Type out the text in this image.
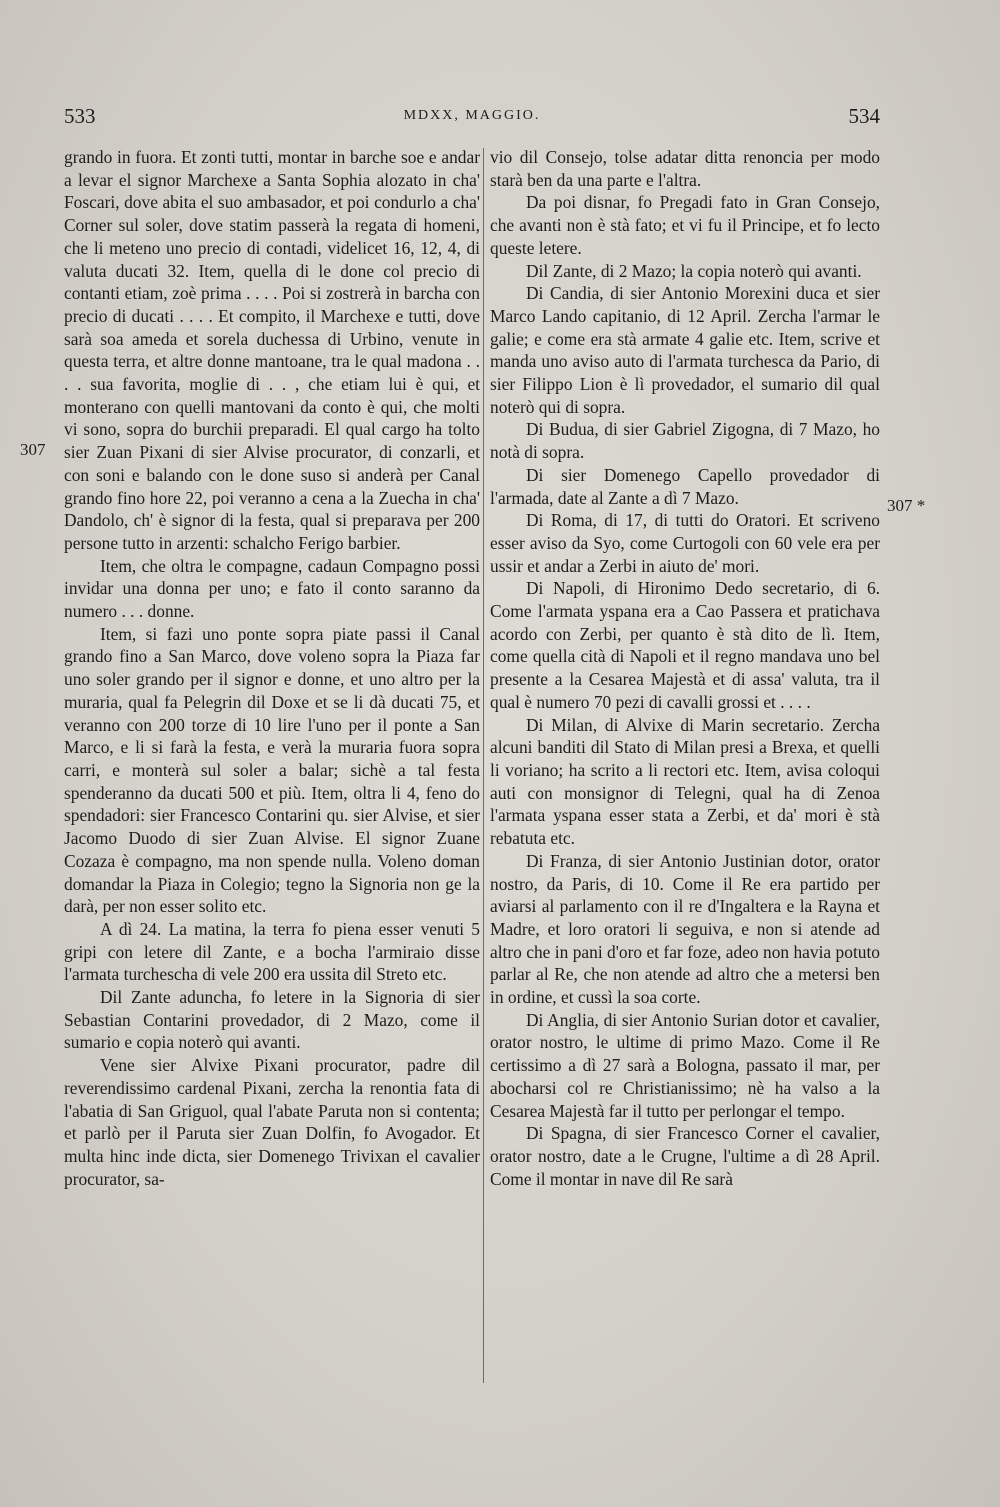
533	MDXX, MAGGIO.	534
307
307 *

grando in fuora. Et zonti tutti, montar in barche soe e andar a levar el signor Marchexe a Santa Sophia alozato in cha' Foscari, dove abita el suo ambasador, et poi condurlo a cha' Corner sul soler, dove statim passerà la regata di homeni, che li meteno uno precio di contadi, videlicet 16, 12, 4, di valuta ducati 32. Item, quella di le done col precio di contanti etiam, zoè prima . . . . Poi si zostrerà in barcha con precio di ducati . . . . Et compito, il Marchexe e tutti, dove sarà soa ameda et sorela duchessa di Urbino, venute in questa terra, et altre donne mantoane, tra le qual madona . . . . sua favorita, moglie di . . , che etiam lui è qui, et monterano con quelli mantovani da conto è qui, che molti vi sono, sopra do burchii preparadi. El qual cargo ha tolto sier Zuan Pixani di sier Alvise procurator, di conzarli, et con soni e balando con le done suso si anderà per Canal grando fino hore 22, poi veranno a cena a la Zuecha in cha' Dandolo, ch' è signor di la festa, qual si preparava per 200 persone tutto in arzenti: schalcho Ferigo barbier.

Item, che oltra le compagne, cadaun Compagno possi invidar una donna per uno; e fato il conto saranno da numero . . . donne.

Item, si fazi uno ponte sopra piate passi il Canal grando fino a San Marco, dove voleno sopra la Piaza far uno soler grando per il signor e donne, et uno altro per la muraria, qual fa Pelegrin dil Doxe et se li dà ducati 75, et veranno con 200 torze di 10 lire l'uno per il ponte a San Marco, e li si farà la festa, e verà la muraria fuora sopra carri, e monterà sul soler a balar; sichè a tal festa spenderanno da ducati 500 et più. Item, oltra li 4, feno do spendadori: sier Francesco Contarini qu. sier Alvise, et sier Jacomo Duodo di sier Zuan Alvise. El signor Zuane Cozaza è compagno, ma non spende nulla. Voleno doman domandar la Piaza in Colegio; tegno la Signoria non ge la darà, per non esser solito etc.

A dì 24. La matina, la terra fo piena esser venuti 5 gripi con letere dil Zante, e a bocha l'armiraio disse l'armata turchescha di vele 200 era ussita dil Streto etc.

Dil Zante aduncha, fo letere in la Signoria di sier Sebastian Contarini provedador, di 2 Mazo, come il sumario e copia noterò qui avanti.

Vene sier Alvixe Pixani procurator, padre dil reverendissimo cardenal Pixani, zercha la renontia fata di l'abatia di San Griguol, qual l'abate Paruta non si contenta; et parlò per il Paruta sier Zuan Dolfin, fo Avogador. Et multa hinc inde dicta, sier Domenego Trivixan el cavalier procurator, sa-

vio dil Consejo, tolse adatar ditta renoncia per modo starà ben da una parte e l'altra.

Da poi disnar, fo Pregadi fato in Gran Consejo, che avanti non è stà fato; et vi fu il Principe, et fo lecto queste letere.

Dil Zante, di 2 Mazo; la copia noterò qui avanti.

Di Candia, di sier Antonio Morexini duca et sier Marco Lando capitanio, di 12 April. Zercha l'armar le galie; e come era stà armate 4 galie etc. Item, scrive et manda uno aviso auto di l'armata turchesca da Pario, di sier Filippo Lion è lì provedador, el sumario dil qual noterò qui di sopra.

Di Budua, di sier Gabriel Zigogna, di 7 Mazo, ho notà di sopra.

Di sier Domenego Capello provedador di l'armada, date al Zante a dì 7 Mazo.

Di Roma, di 17, di tutti do Oratori. Et scriveno esser aviso da Syo, come Curtogoli con 60 vele era per ussir et andar a Zerbi in aiuto de' mori.

Di Napoli, di Hironimo Dedo secretario, di 6. Come l'armata yspana era a Cao Passera et pratichava acordo con Zerbi, per quanto è stà dito de lì. Item, come quella cità di Napoli et il regno mandava uno bel presente a la Cesarea Majestà et di assa' valuta, tra il qual è numero 70 pezi di cavalli grossi et . . . .

Di Milan, di Alvixe di Marin secretario. Zercha alcuni banditi dil Stato di Milan presi a Brexa, et quelli li voriano; ha scrito a li rectori etc. Item, avisa coloqui auti con monsignor di Telegni, qual ha di Zenoa l'armata yspana esser stata a Zerbi, et da' mori è stà rebatuta etc.

Di Franza, di sier Antonio Justinian dotor, orator nostro, da Paris, di 10. Come il Re era partido per aviarsi al parlamento con il re d'Ingaltera e la Rayna et Madre, et loro oratori li seguiva, e non si atende ad altro che in pani d'oro et far foze, adeo non havia potuto parlar al Re, che non atende ad altro che a metersi ben in ordine, et cussì la soa corte.

Di Anglia, di sier Antonio Surian dotor et cavalier, orator nostro, le ultime di primo Mazo. Come il Re certissimo a dì 27 sarà a Bologna, passato il mar, per abocharsi col re Christianissimo; nè ha valso a la Cesarea Majestà far il tutto per perlongar el tempo.

Di Spagna, di sier Francesco Corner el cavalier, orator nostro, date a le Crugne, l'ultime a dì 28 April. Come il montar in nave dil Re sarà
